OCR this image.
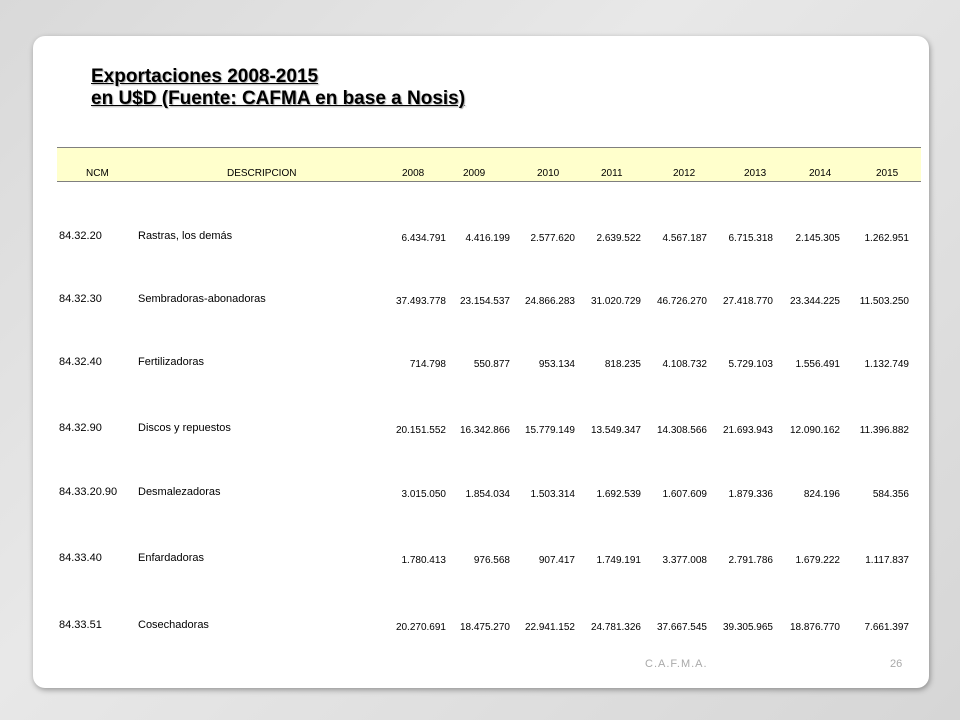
Exportaciones 2008-2015
en U$D (Fuente: CAFMA en base a Nosis)
NCM	DESCRIPCION	2008	2009	2010	2011	2012	2013	2014	2015
84.32.20	Rastras, los demás	6.434.791 4.416.199 2.577.620 2.639.522 4.567.187 6.715.318 2.145.305 1.262.951
84.32.30	Sembradoras-abonadoras	37.493.778 23.154.537 24.866.283 31.020.729 46.726.270 27.418.770 23.344.225 11.503.250
84.32.40	Fertilizadoras	714.798	550.877	953.134	818.235 4.108.732 5.729.103 1.556.491 1.132.749
84.32.90	Discos y repuestos	20.151.552 16.342.866 15.779.149 13.549.347 14.308.566 21.693.943 12.090.162 11.396.882
84.33.20.90 Desmalezadoras	3.015.050 1.854.034 1.503.314 1.692.539 1.607.609 1.879.336	824.196	584.356
84.33.40	Enfardadoras	1.780.413	976.568	907.417 1.749.191 3.377.008 2.791.786 1.679.222	1.117.837
84.33.51	Cosechadoras	20.270.691 18.475.270 22.941.152 24.781.326 37.667.545 39.305.965 18.876.770 7.661.397
C.A.F.M.A.	26
